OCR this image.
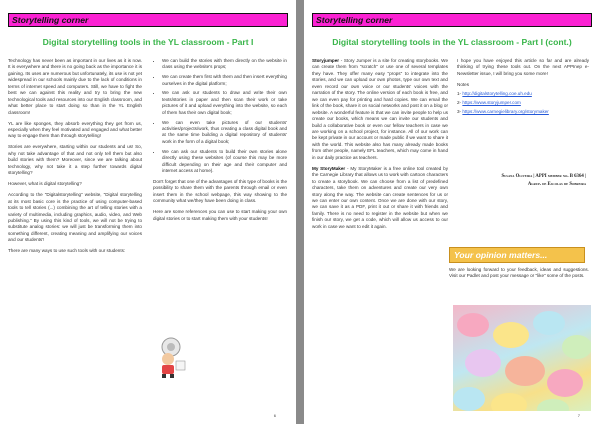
Storytelling corner
Digital storytelling tools in the YL classroom - Part I

Technology has never been as important in our lives as it is now. It is everywhere and there is no going back as the importance it is gaining. Its uses are numerous but unfortunately, its use is not yet widespread in our schools mainly due to the lack of conditions in terms of internet speed and computers. Still, we have to fight the best we can against this reality and try to bring the new technological tools and resources into our English classroom, and what better place to start doing so than in the YL English classroom!

YL are like sponges, they absorb everything they get from us, especially when they feel motivated and engaged and what better way to engage them than through storytelling!

Stories are everywhere, starting within our students and us! So, why not take advantage of that and not only tell them but also build stories with them? Moreover, since we are talking about technology, why not take it a step further towards digital storytelling?

However, what is digital storytelling?

According to the "Digitalstorytelling" website, "Digital storytelling at its most basic core is the practice of using computer-based tools to tell stories (...) combining the art of telling stories with a variety of multimedia, including graphics, audio, video, and Web publishing." By using this kind of tools, we will not be trying to substitute analog stories: we will just be transforming them into something different, creating meaning and amplifying our voices and our students'!

There are many ways to use such tools with our students:

• We can build the stories with them directly on the website in class using the website's props;
• We can create them first with them and then insert everything ourselves in the digital platform;
• We can ask our students to draw and write their own texts/stories in paper and then scan their work or take pictures of it and upload everything into the website, so each of them has their own digital book;
• We can even take pictures of our students' activities/projects/work, thus creating a class digital book and at the same time building a digital repository of students' work in the form of a digital book;
• We can ask our students to build their own stories alone directly using these websites (of course this may be more difficult depending on their age and their computer and internet access at home).

Don't forget that one of the advantages of this type of books is the possibility to share them with the parents through email or even insert them in the school webpage, this way showing to the community what we/they have been doing in class.

Here are some references you can use to start making your own digital stories or to start making them with your students!

6
Storytelling corner
Digital storytelling tools in the YL classroom - Part I (cont.)

Storyjumper - Story Jumper is a site for creating storybooks. We can create them from "scratch" or use one of several templates they have. They offer many easy "props" to integrate into the stories, and we can upload our own photos, type our own text and even record our own voice or our students' voices with the narration of the story. The online version of each book is free, and we can even pay for printing and hard copies. We can email the link of the book, share it on social networks and post it on a blog or website. A wonderful feature is that we can invite people to help us create our books, which means we can invite our students and build a collaborative book or even our fellow teachers in case we are working on a school project, for instance. All of our work can be kept private in our account or made public if we want to share it with the world. This website also has many already made books from other people, namely EFL teachers, which may come in hand in our daily practice as teachers.

My StoryMaker - My StoryMaker is a free online tool created by the Carnegie Library that allows us to work with cartoon characters to create a storybook. We can choose from a list of predefined characters, take them on adventures and create our very own story along the way. The website can create sentences for us or we can enter our own content. Once we are done with our story, we can save it as a PDF, print it out or share it with friends and family. There is no need to register in the website but when we finish our story, we get a code, which will allow us access to our work in case we want to edit it again.

I hope you have enjoyed this article so far and are already thinking of trying these tools out. On the next APPInep e-Newsletter issue, I will bring you some more!

Notes
1- http://digitalstorytelling.coe.uh.edu
2- https://www.storyjumper.com
3- https://www.carnegielibrary.org/storymaker
Susana Oliveira | APPI member no. B 6364 |
Agrup. de Escolas de Sobreira
Your opinion matters...

We are looking forward to your feedback, ideas and suggestions. Visit our Padlet and post your message or "like" some of the posts.

7
